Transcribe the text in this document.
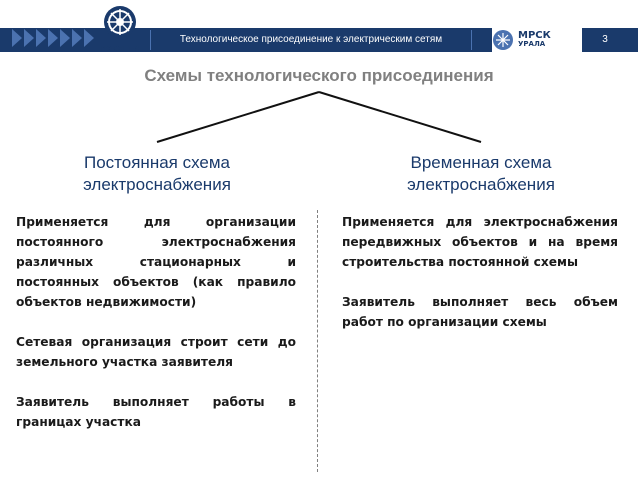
РОССЕТИ
Технологическое присоединение к электрическим сетям	МРСК
УРАЛА	3
Схемы технологического присоединения
Постоянная схема
электроснабжения
Временная схема
электроснабжения

Применяется для организации постоянного электроснабжения различных стационарных и постоянных объектов (как правило объектов недвижимости)

Сетевая организация строит сети до земельного участка заявителя

Заявитель выполняет работы в границах участка

Применяется для электроснабжения передвижных объектов и на время строительства постоянной схемы

Заявитель выполняет весь объем работ по организации схемы
